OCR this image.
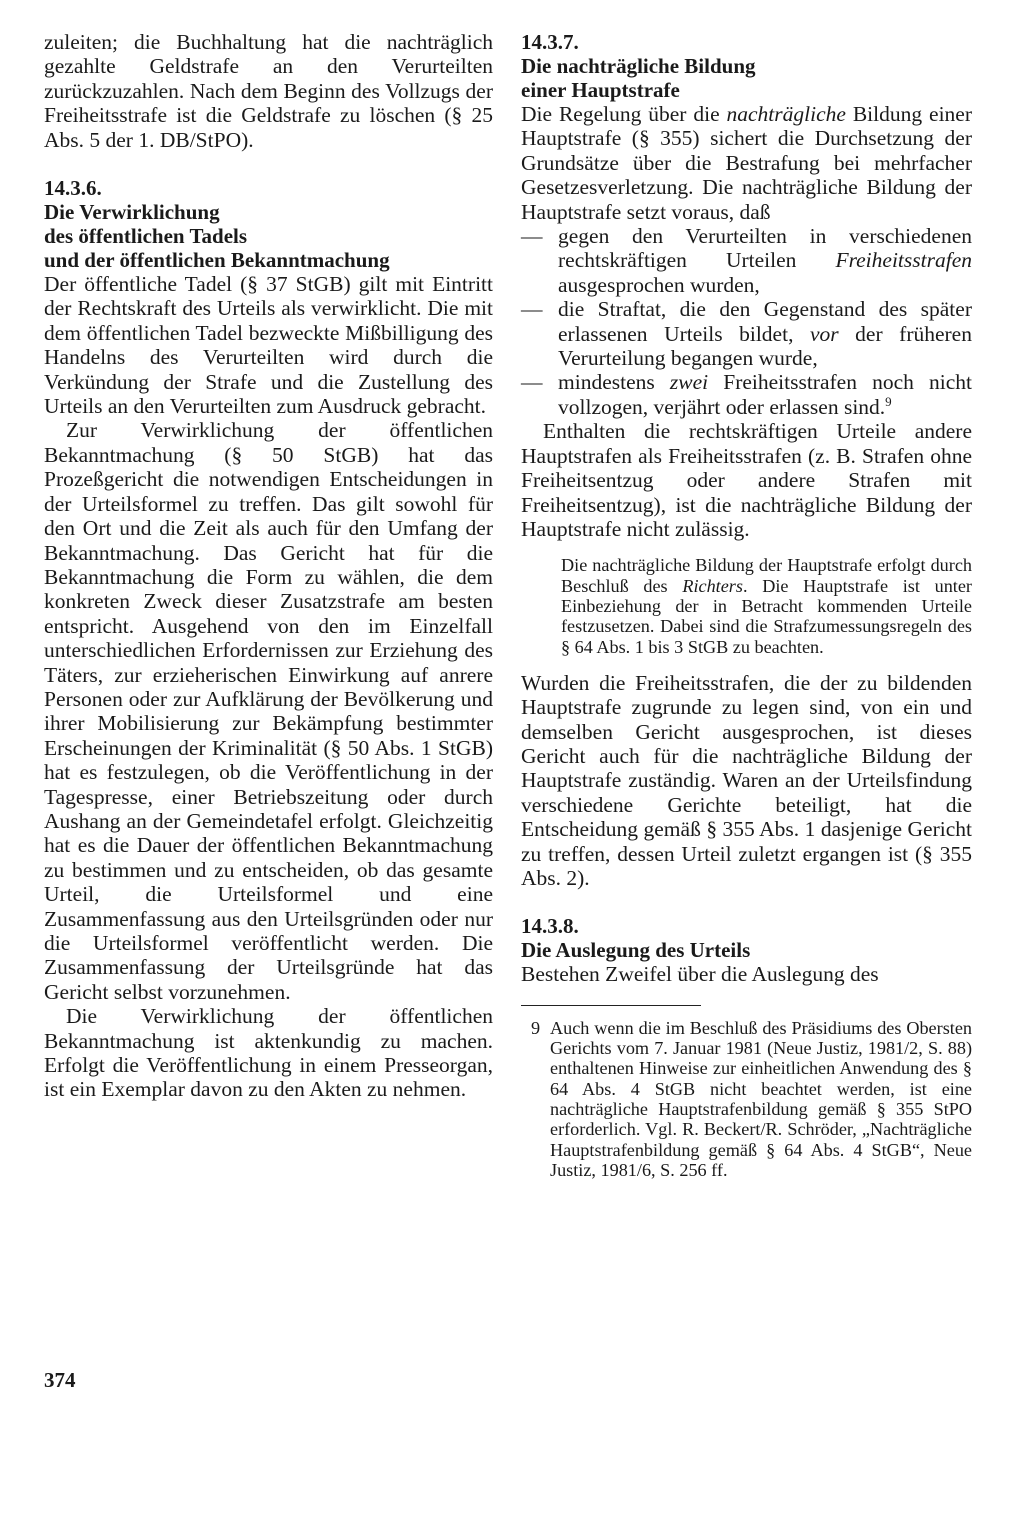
zuleiten; die Buchhaltung hat die nachträglich gezahlte Geldstrafe an den Verurteilten zurückzuzahlen. Nach dem Beginn des Vollzugs der Freiheitsstrafe ist die Geldstrafe zu löschen (§ 25 Abs. 5 der 1. DB/StPO).

14.3.6.
Die Verwirklichung
des öffentlichen Tadels
und der öffentlichen Bekanntmachung

Der öffentliche Tadel (§ 37 StGB) gilt mit Eintritt der Rechtskraft des Urteils als verwirklicht. Die mit dem öffentlichen Tadel bezweckte Mißbilligung des Handelns des Verurteilten wird durch die Verkündung der Strafe und die Zustellung des Urteils an den Verurteilten zum Ausdruck gebracht.

Zur Verwirklichung der öffentlichen Bekanntmachung (§ 50 StGB) hat das Prozeßgericht die notwendigen Entscheidungen in der Urteilsformel zu treffen. Das gilt sowohl für den Ort und die Zeit als auch für den Umfang der Bekanntmachung. Das Gericht hat für die Bekanntmachung die Form zu wählen, die dem konkreten Zweck dieser Zusatzstrafe am besten entspricht. Ausgehend von den im Einzelfall unterschiedlichen Erfordernissen zur Erziehung des Täters, zur erzieherischen Einwirkung auf anrere Personen oder zur Aufklärung der Bevölkerung und ihrer Mobilisierung zur Bekämpfung bestimmter Erscheinungen der Kriminalität (§ 50 Abs. 1 StGB) hat es festzulegen, ob die Veröffentlichung in der Tagespresse, einer Betriebszeitung oder durch Aushang an der Gemeindetafel erfolgt. Gleichzeitig hat es die Dauer der öffentlichen Bekanntmachung zu bestimmen und zu entscheiden, ob das gesamte Urteil, die Urteilsformel und eine Zusammenfassung aus den Urteilsgründen oder nur die Urteilsformel veröffentlicht werden. Die Zusammenfassung der Urteilsgründe hat das Gericht selbst vorzunehmen.

Die Verwirklichung der öffentlichen Bekanntmachung ist aktenkundig zu machen. Erfolgt die Veröffentlichung in einem Presseorgan, ist ein Exemplar davon zu den Akten zu nehmen.

14.3.7.
Die nachträgliche Bildung
einer Hauptstrafe

Die Regelung über die nachträgliche Bildung einer Hauptstrafe (§ 355) sichert die Durchsetzung der Grundsätze über die Bestrafung bei mehrfacher Gesetzesverletzung. Die nachträgliche Bildung der Hauptstrafe setzt voraus, daß

— gegen den Verurteilten in verschiedenen rechtskräftigen Urteilen Freiheitsstrafen ausgesprochen wurden,
— die Straftat, die den Gegenstand des später erlassenen Urteils bildet, vor der früheren Verurteilung begangen wurde,
— mindestens zwei Freiheitsstrafen noch nicht vollzogen, verjährt oder erlassen sind.$^9$

Enthalten die rechtskräftigen Urteile andere Hauptstrafen als Freiheitsstrafen (z. B. Strafen ohne Freiheitsentzug oder andere Strafen mit Freiheitsentzug), ist die nachträgliche Bildung der Hauptstrafe nicht zulässig.

Die nachträgliche Bildung der Hauptstrafe erfolgt durch Beschluß des Richters. Die Hauptstrafe ist unter Einbeziehung der in Betracht kommenden Urteile festzusetzen. Dabei sind die Strafzumessungsregeln des § 64 Abs. 1 bis 3 StGB zu beachten.

Wurden die Freiheitsstrafen, die der zu bildenden Hauptstrafe zugrunde zu legen sind, von ein und demselben Gericht ausgesprochen, ist dieses Gericht auch für die nachträgliche Bildung der Hauptstrafe zuständig. Waren an der Urteilsfindung verschiedene Gerichte beteiligt, hat die Entscheidung gemäß § 355 Abs. 1 dasjenige Gericht zu treffen, dessen Urteil zuletzt ergangen ist (§ 355 Abs. 2).

14.3.8.
Die Auslegung des Urteils

Bestehen Zweifel über die Auslegung des

9 Auch wenn die im Beschluß des Präsidiums des Obersten Gerichts vom 7. Januar 1981 (Neue Justiz, 1981/2, S. 88) enthaltenen Hinweise zur einheitlichen Anwendung des § 64 Abs. 4 StGB nicht beachtet werden, ist eine nachträgliche Hauptstrafenbildung gemäß § 355 StPO erforderlich. Vgl. R. Beckert/R. Schröder, „Nachträgliche Hauptstrafenbildung gemäß § 64 Abs. 4 StGB“, Neue Justiz, 1981/6, S. 256 ff.

374
